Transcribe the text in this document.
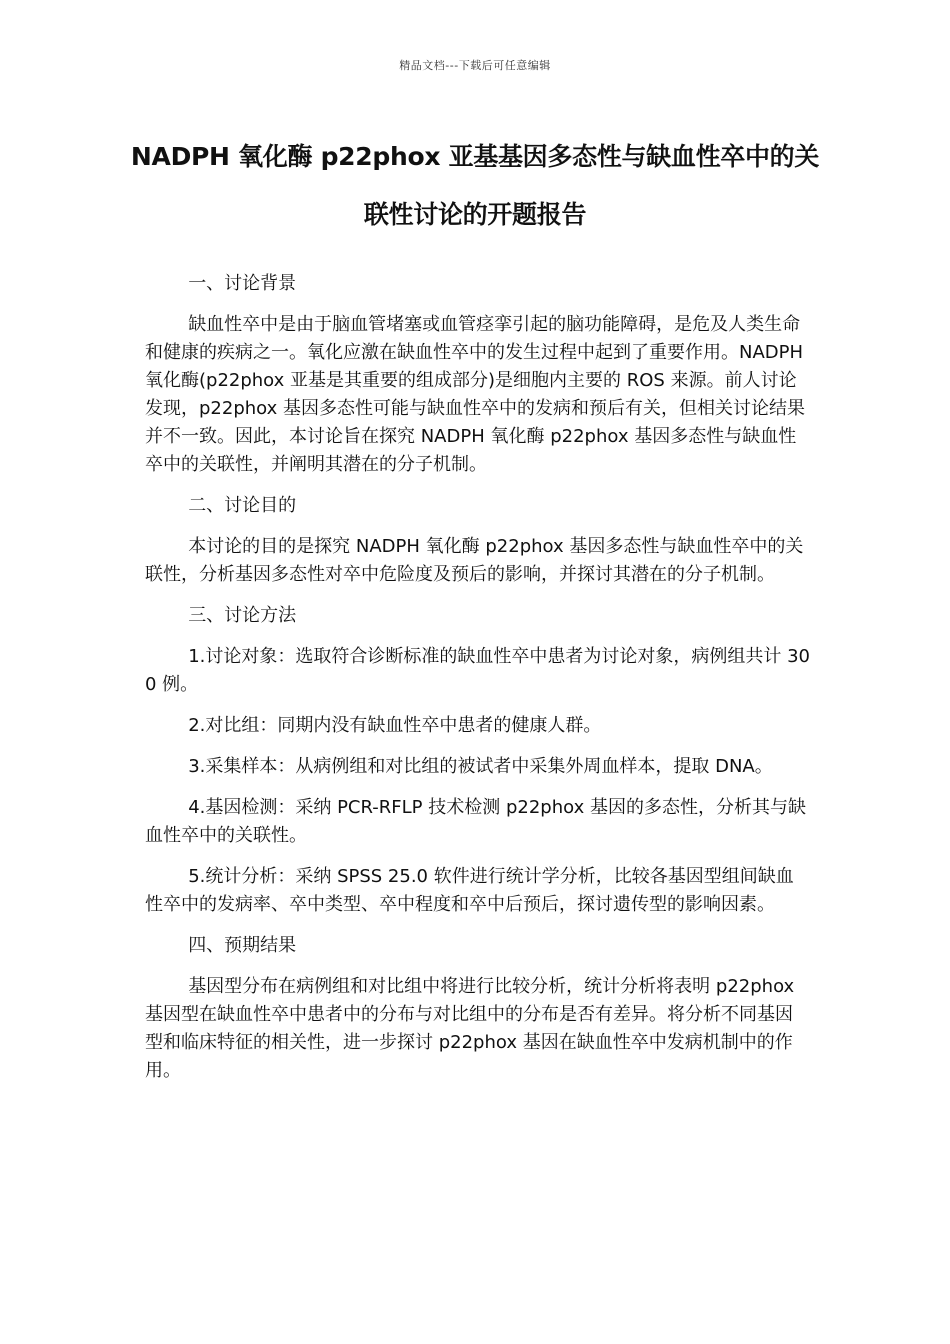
精品文档---下载后可任意编辑
NADPH 氧化酶 p22phox 亚基基因多态性与缺血性卒中的关联性讨论的开题报告

一、讨论背景

缺血性卒中是由于脑血管堵塞或血管痉挛引起的脑功能障碍，是危及人类生命和健康的疾病之一。氧化应激在缺血性卒中的发生过程中起到了重要作用。NADPH 氧化酶(p22phox 亚基是其重要的组成部分)是细胞内主要的 ROS 来源。前人讨论发现，p22phox 基因多态性可能与缺血性卒中的发病和预后有关，但相关讨论结果并不一致。因此，本讨论旨在探究 NADPH 氧化酶 p22phox 基因多态性与缺血性卒中的关联性，并阐明其潜在的分子机制。

二、讨论目的

本讨论的目的是探究 NADPH 氧化酶 p22phox 基因多态性与缺血性卒中的关联性，分析基因多态性对卒中危险度及预后的影响，并探讨其潜在的分子机制。

三、讨论方法

1.讨论对象：选取符合诊断标准的缺血性卒中患者为讨论对象，病例组共计 300 例。

2.对比组：同期内没有缺血性卒中患者的健康人群。

3.采集样本：从病例组和对比组的被试者中采集外周血样本，提取 DNA。

4.基因检测：采纳 PCR-RFLP 技术检测 p22phox 基因的多态性，分析其与缺血性卒中的关联性。

5.统计分析：采纳 SPSS 25.0 软件进行统计学分析，比较各基因型组间缺血性卒中的发病率、卒中类型、卒中程度和卒中后预后，探讨遗传型的影响因素。

四、预期结果

基因型分布在病例组和对比组中将进行比较分析，统计分析将表明 p22phox 基因型在缺血性卒中患者中的分布与对比组中的分布是否有差异。将分析不同基因型和临床特征的相关性，进一步探讨 p22phox 基因在缺血性卒中发病机制中的作用。
